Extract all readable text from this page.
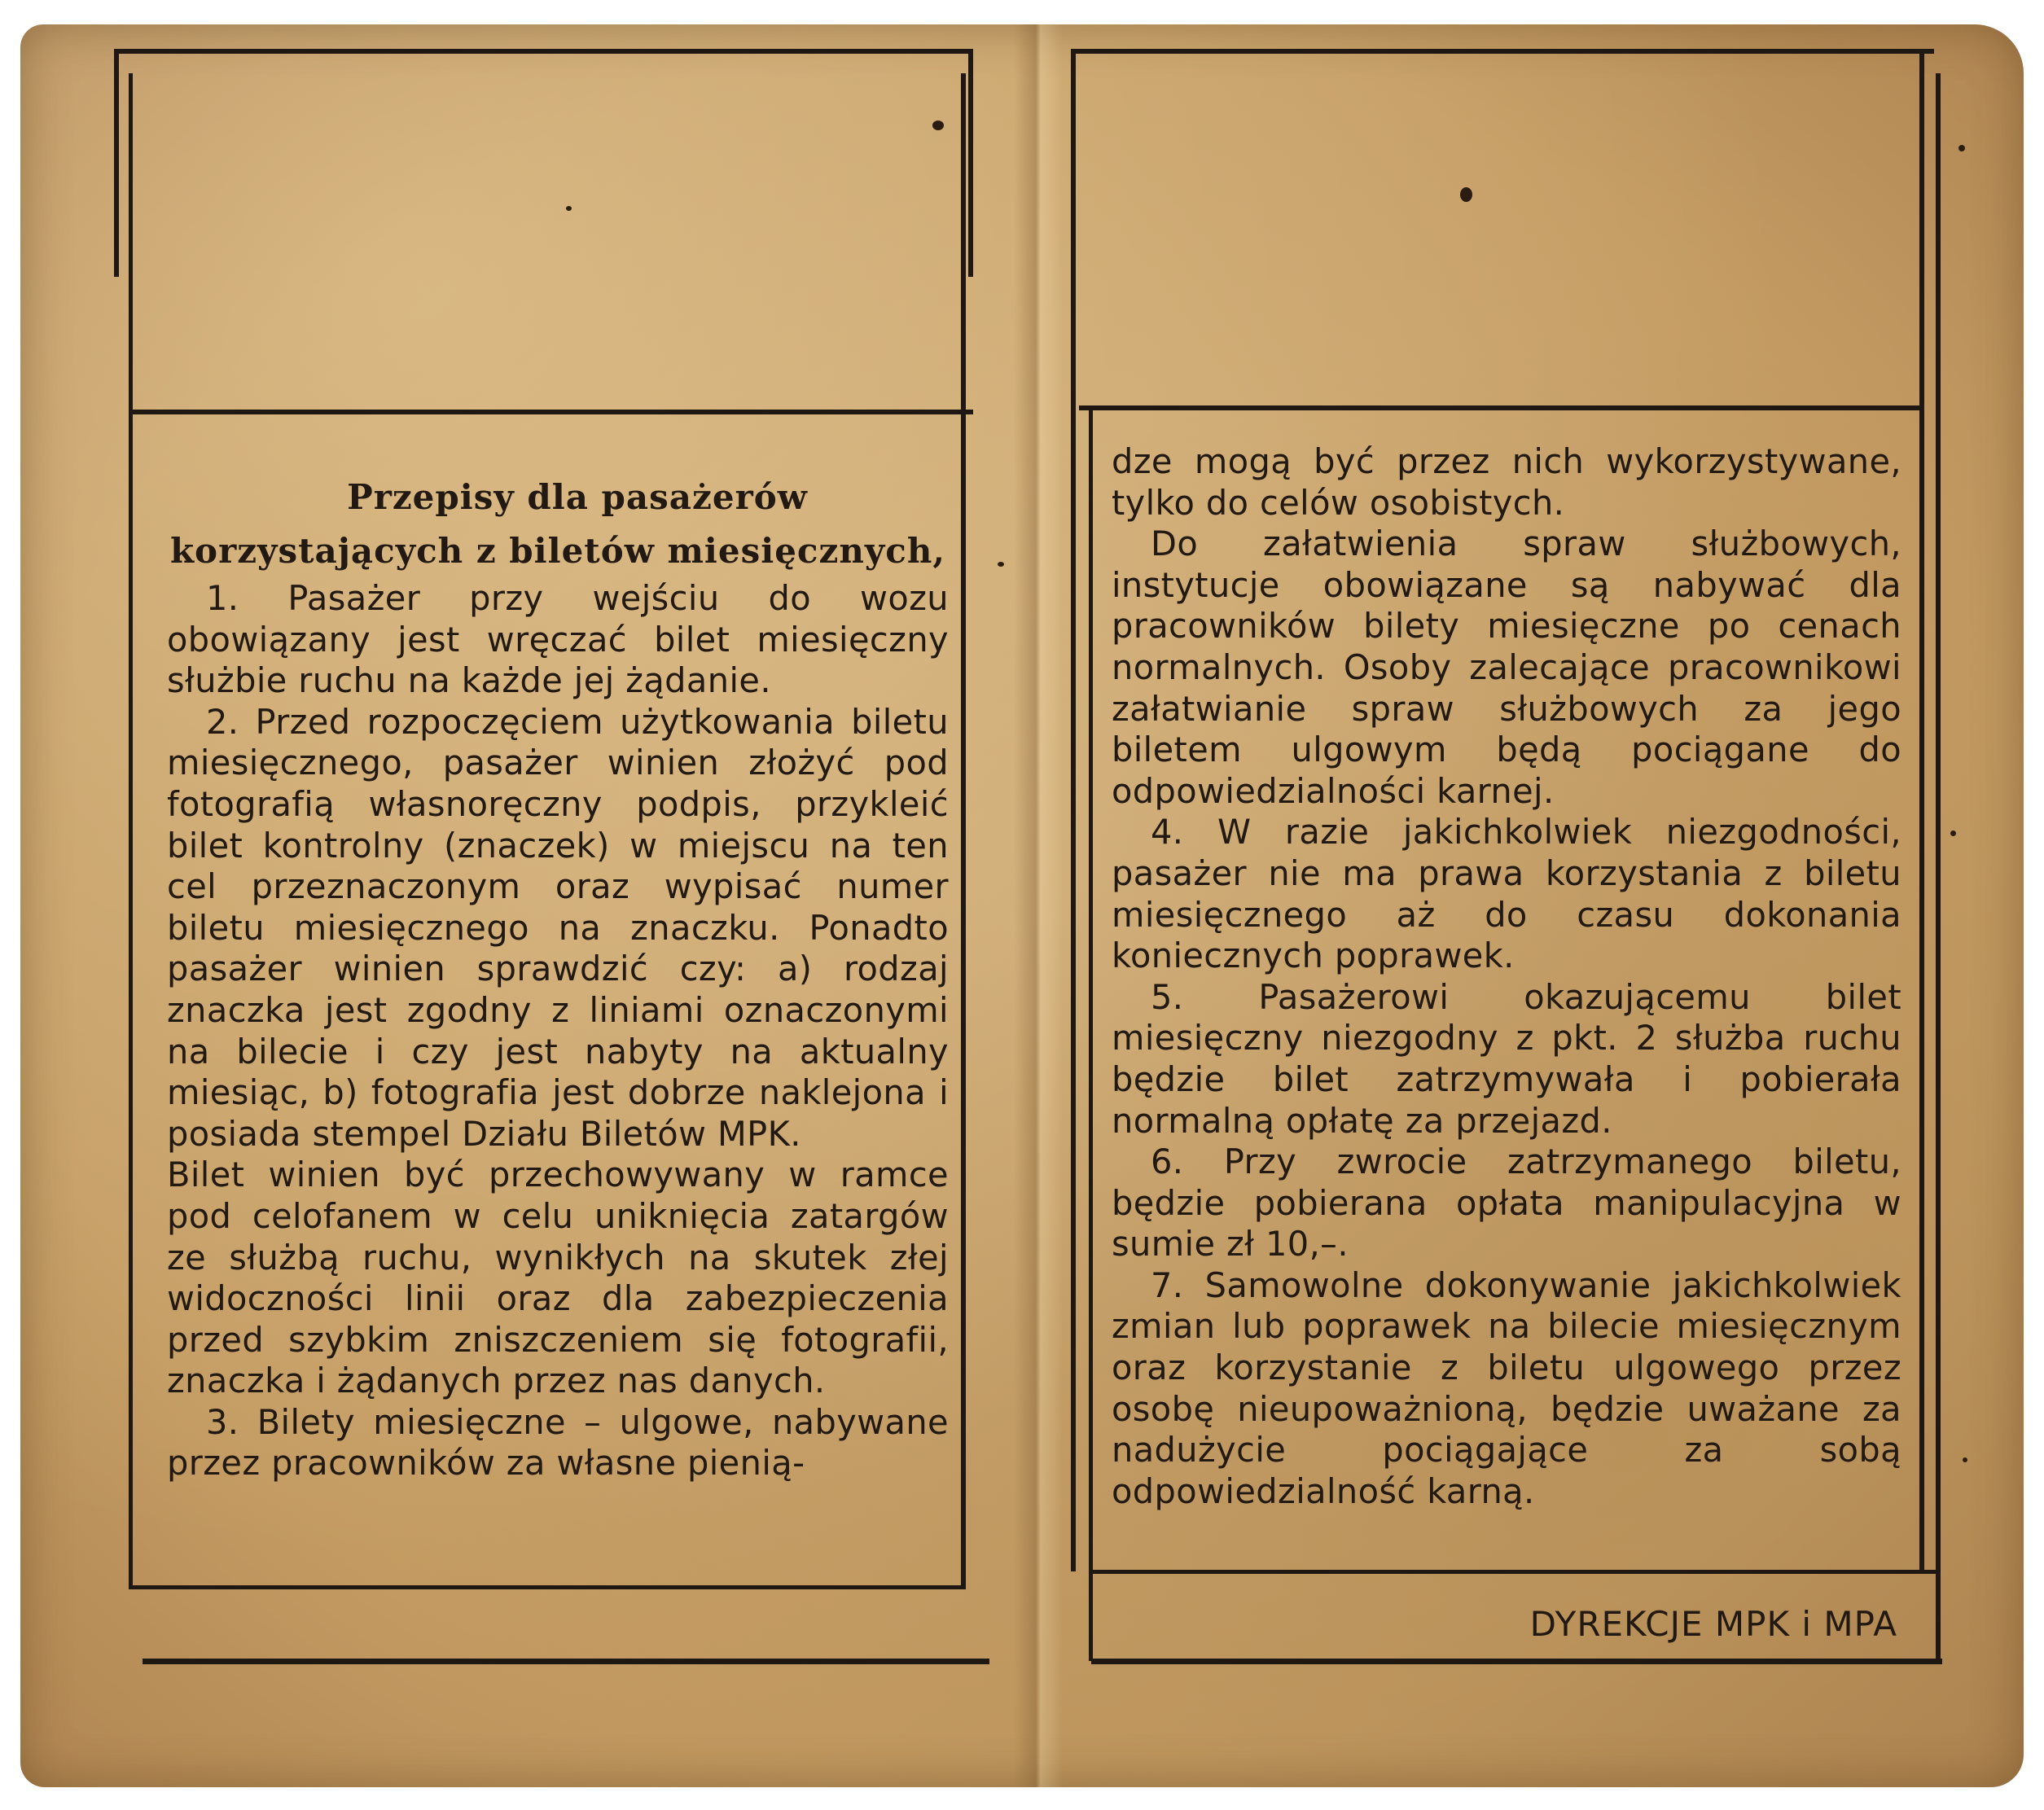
Przepisy dla pasażerów korzystających z biletów miesięcznych,

1. Pasażer przy wejściu do wozu obowiązany jest wręczać bilet miesięczny służbie ruchu na każde jej żądanie.

2. Przed rozpoczęciem użytkowania biletu miesięcznego, pasażer winien złożyć pod fotografią własnoręczny podpis, przykleić bilet kontrolny (znaczek) w miejscu na ten cel przeznaczonym oraz wypisać numer biletu miesięcznego na znaczku. Ponadto pasażer winien sprawdzić czy: a) rodzaj znaczka jest zgodny z liniami oznaczonymi na bilecie i czy jest nabyty na aktualny miesiąc, b) fotografia jest dobrze naklejona i posiada stempel Działu Biletów MPK.

Bilet winien być przechowywany w ramce pod celofanem w celu uniknięcia zatargów ze służbą ruchu, wynikłych na skutek złej widoczności linii oraz dla zabezpieczenia przed szybkim zniszczeniem się fotografii, znaczka i żądanych przez nas danych.

3. Bilety miesięczne – ulgowe, nabywane przez pracowników za własne pienią-

dze mogą być przez nich wykorzystywane, tylko do celów osobistych.

Do załatwienia spraw służbowych, instytucje obowiązane są nabywać dla pracowników bilety miesięczne po cenach normalnych. Osoby zalecające pracownikowi załatwianie spraw służbowych za jego biletem ulgowym będą pociągane do odpowiedzialności karnej.

4. W razie jakichkolwiek niezgodności, pasażer nie ma prawa korzystania z biletu miesięcznego aż do czasu dokonania koniecznych poprawek.

5. Pasażerowi okazującemu bilet miesięczny niezgodny z pkt. 2 służba ruchu będzie bilet zatrzymywała i pobierała normalną opłatę za przejazd.

6. Przy zwrocie zatrzymanego biletu, będzie pobierana opłata manipulacyjna w sumie zł 10,–.

7. Samowolne dokonywanie jakichkolwiek zmian lub poprawek na bilecie miesięcznym oraz korzystanie z biletu ulgowego przez osobę nieupoważnioną, będzie uważane za nadużycie pociągające za sobą odpowiedzialność karną.

DYREKCJE MPK i MPA
